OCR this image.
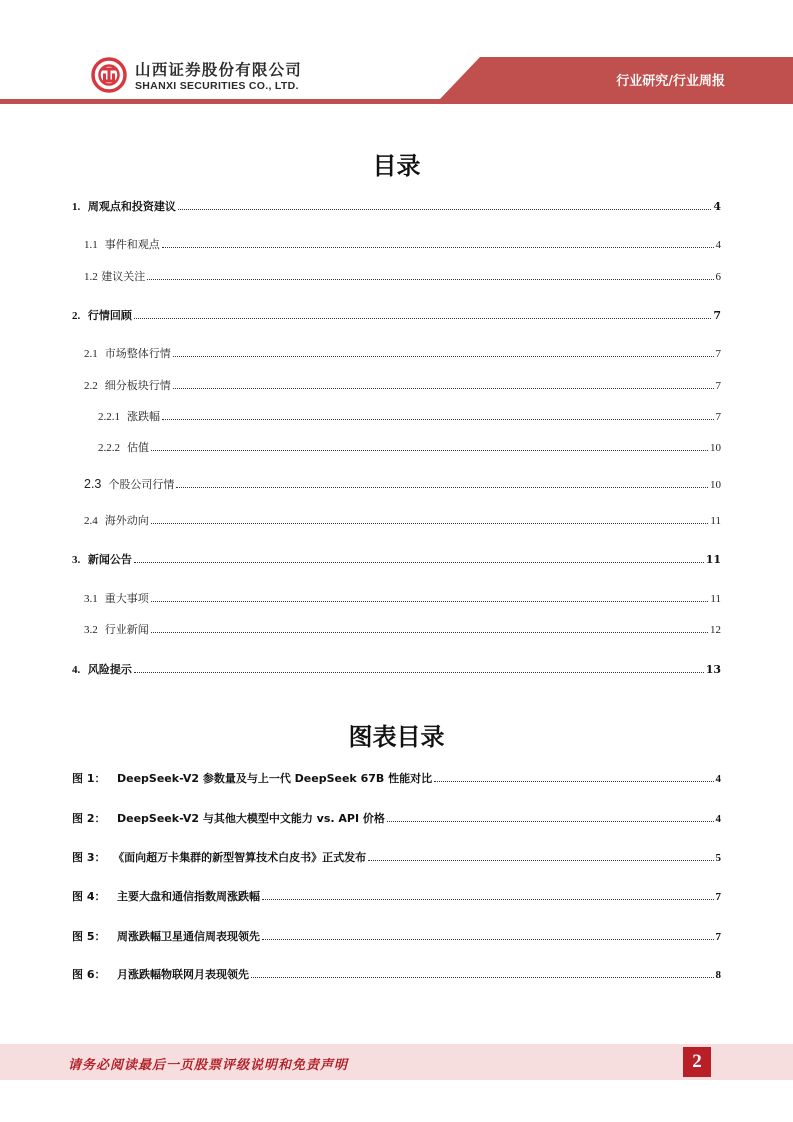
山西证券股份有限公司
SHANXI SECURITIES CO., LTD.	行业研究/行业周报
目录
1. 周观点和投资建议	4
1.1 事件和观点	4
1.2 建议关注	6
2. 行情回顾	7
2.1 市场整体行情	7
2.2 细分板块行情	7
2.2.1 涨跌幅	7
2.2.2 估值	10
2.3 个股公司行情	10
2.4 海外动向	11
3. 新闻公告	11
3.1 重大事项	11
3.2 行业新闻	12
4. 风险提示	13
图表目录
图 1： DeepSeek-V2 参数量及与上一代 DeepSeek 67B 性能对比	4
图 2： DeepSeek-V2 与其他大模型中文能力 vs. API 价格	4
图 3： 《面向超万卡集群的新型智算技术白皮书》正式发布	5
图 4： 主要大盘和通信指数周涨跌幅	7
图 5： 周涨跌幅卫星通信周表现领先	7
图 6： 月涨跌幅物联网月表现领先	8
请务必阅读最后一页股票评级说明和免责声明	2
